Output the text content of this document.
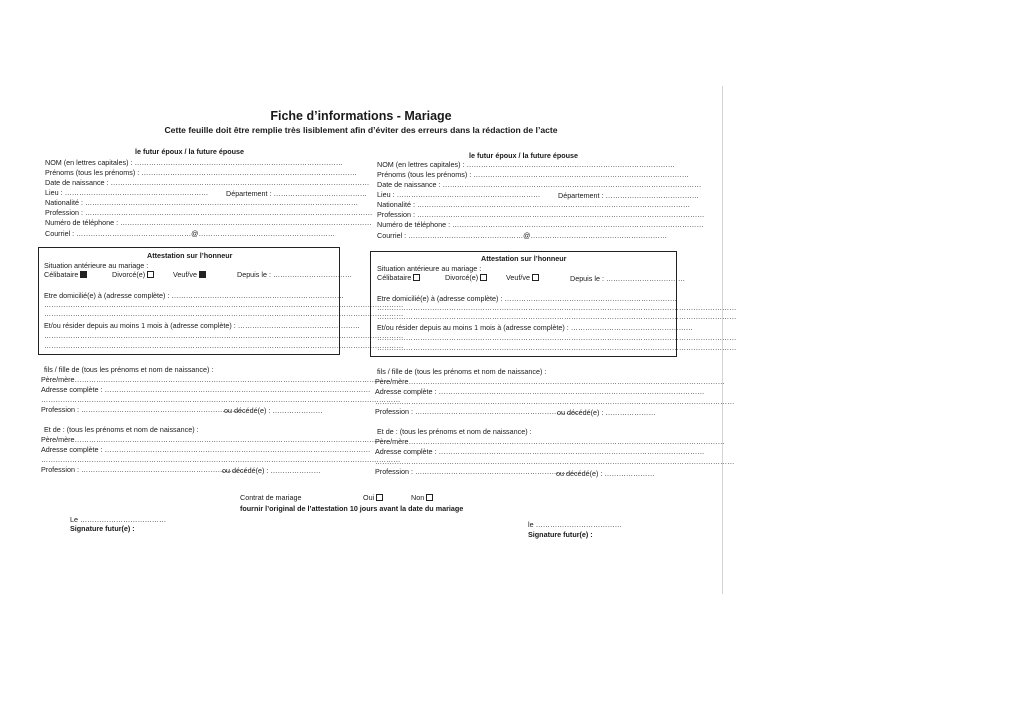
Fiche d’informations - Mariage
Cette feuille doit être remplie très lisiblement afin d’éviter des erreurs dans la rédaction de l’acte
le futur époux / la future épouse
NOM (en lettres capitales) : ……………………………………………………………………………
Prénoms (tous les prénoms) : ………………………………………………………………………………
Date de naissance : ………………………………………………………………………………………………
Lieu : …………………………………………………… Département : …………………………………
Nationalité : ……………………………………………………………………………………………………
Profession : …………………………………………………………………………………………………………
Numéro de téléphone : ……………………………………………………………………………………………
Courriel : …………………………………………@…………………………………………………
Attestation sur l’honneur
Situation antérieure au mariage :
Célibataire	Divorcé(e)	Veuf/ve	Depuis le : ……………………………
Etre domicilié(e) à (adresse complète) : ………………………………………………………………
……………………………………………………………………………………………………………………………………
……………………………………………………………………………………………………………………………………
Et/ou résider depuis au moins 1 mois à (adresse complète) : ……………………………………………
……………………………………………………………………………………………………………………………………
……………………………………………………………………………………………………………………………………
fils / fille de (tous les prénoms et nom de naissance) :
Père/mère……………………………………………………………………………………………………………………
Adresse complète : …………………………………………………………………………………………………
……………………………………………………………………………………………………………………………………
Profession : ……………………………………………………………
ou décédé(e) : …………………
Et de : (tous les prénoms et nom de naissance) :
Père/mère……………………………………………………………………………………………………………………
Adresse complète : …………………………………………………………………………………………………
……………………………………………………………………………………………………………………………………
Profession : ……………………………………………………………
ou décédé(e) : …………………
Contrat de mariage	Oui	Non
fournir l’original de l’attestation 10 jours avant la date du mariage
Le ………………………………
Signature futur(e) :
le futur époux / la future épouse
NOM (en lettres capitales) : ……………………………………………………………………………
Prénoms (tous les prénoms) : ………………………………………………………………………………
Date de naissance : ………………………………………………………………………………………………
Lieu : …………………………………………………… Département : …………………………………
Nationalité : ……………………………………………………………………………………………………
Profession : …………………………………………………………………………………………………………
Numéro de téléphone : ……………………………………………………………………………………………
Courriel : …………………………………………@…………………………………………………
Attestation sur l’honneur
Situation antérieure au mariage :
Célibataire	Divorcé(e)	Veuf/ve	Depuis le : ……………………………
Etre domicilié(e) à (adresse complète) : ………………………………………………………………
……………………………………………………………………………………………………………………………………
……………………………………………………………………………………………………………………………………
Et/ou résider depuis au moins 1 mois à (adresse complète) : ……………………………………………
……………………………………………………………………………………………………………………………………
……………………………………………………………………………………………………………………………………
fils / fille de (tous les prénoms et nom de naissance) :
Père/mère……………………………………………………………………………………………………………………
Adresse complète : …………………………………………………………………………………………………
……………………………………………………………………………………………………………………………………
Profession : ……………………………………………………………
ou décédé(e) : …………………
Et de : (tous les prénoms et nom de naissance) :
Père/mère……………………………………………………………………………………………………………………
Adresse complète : …………………………………………………………………………………………………
……………………………………………………………………………………………………………………………………
Profession : ……………………………………………………………
ou décédé(e) : …………………
le ………………………………
Signature futur(e) :
